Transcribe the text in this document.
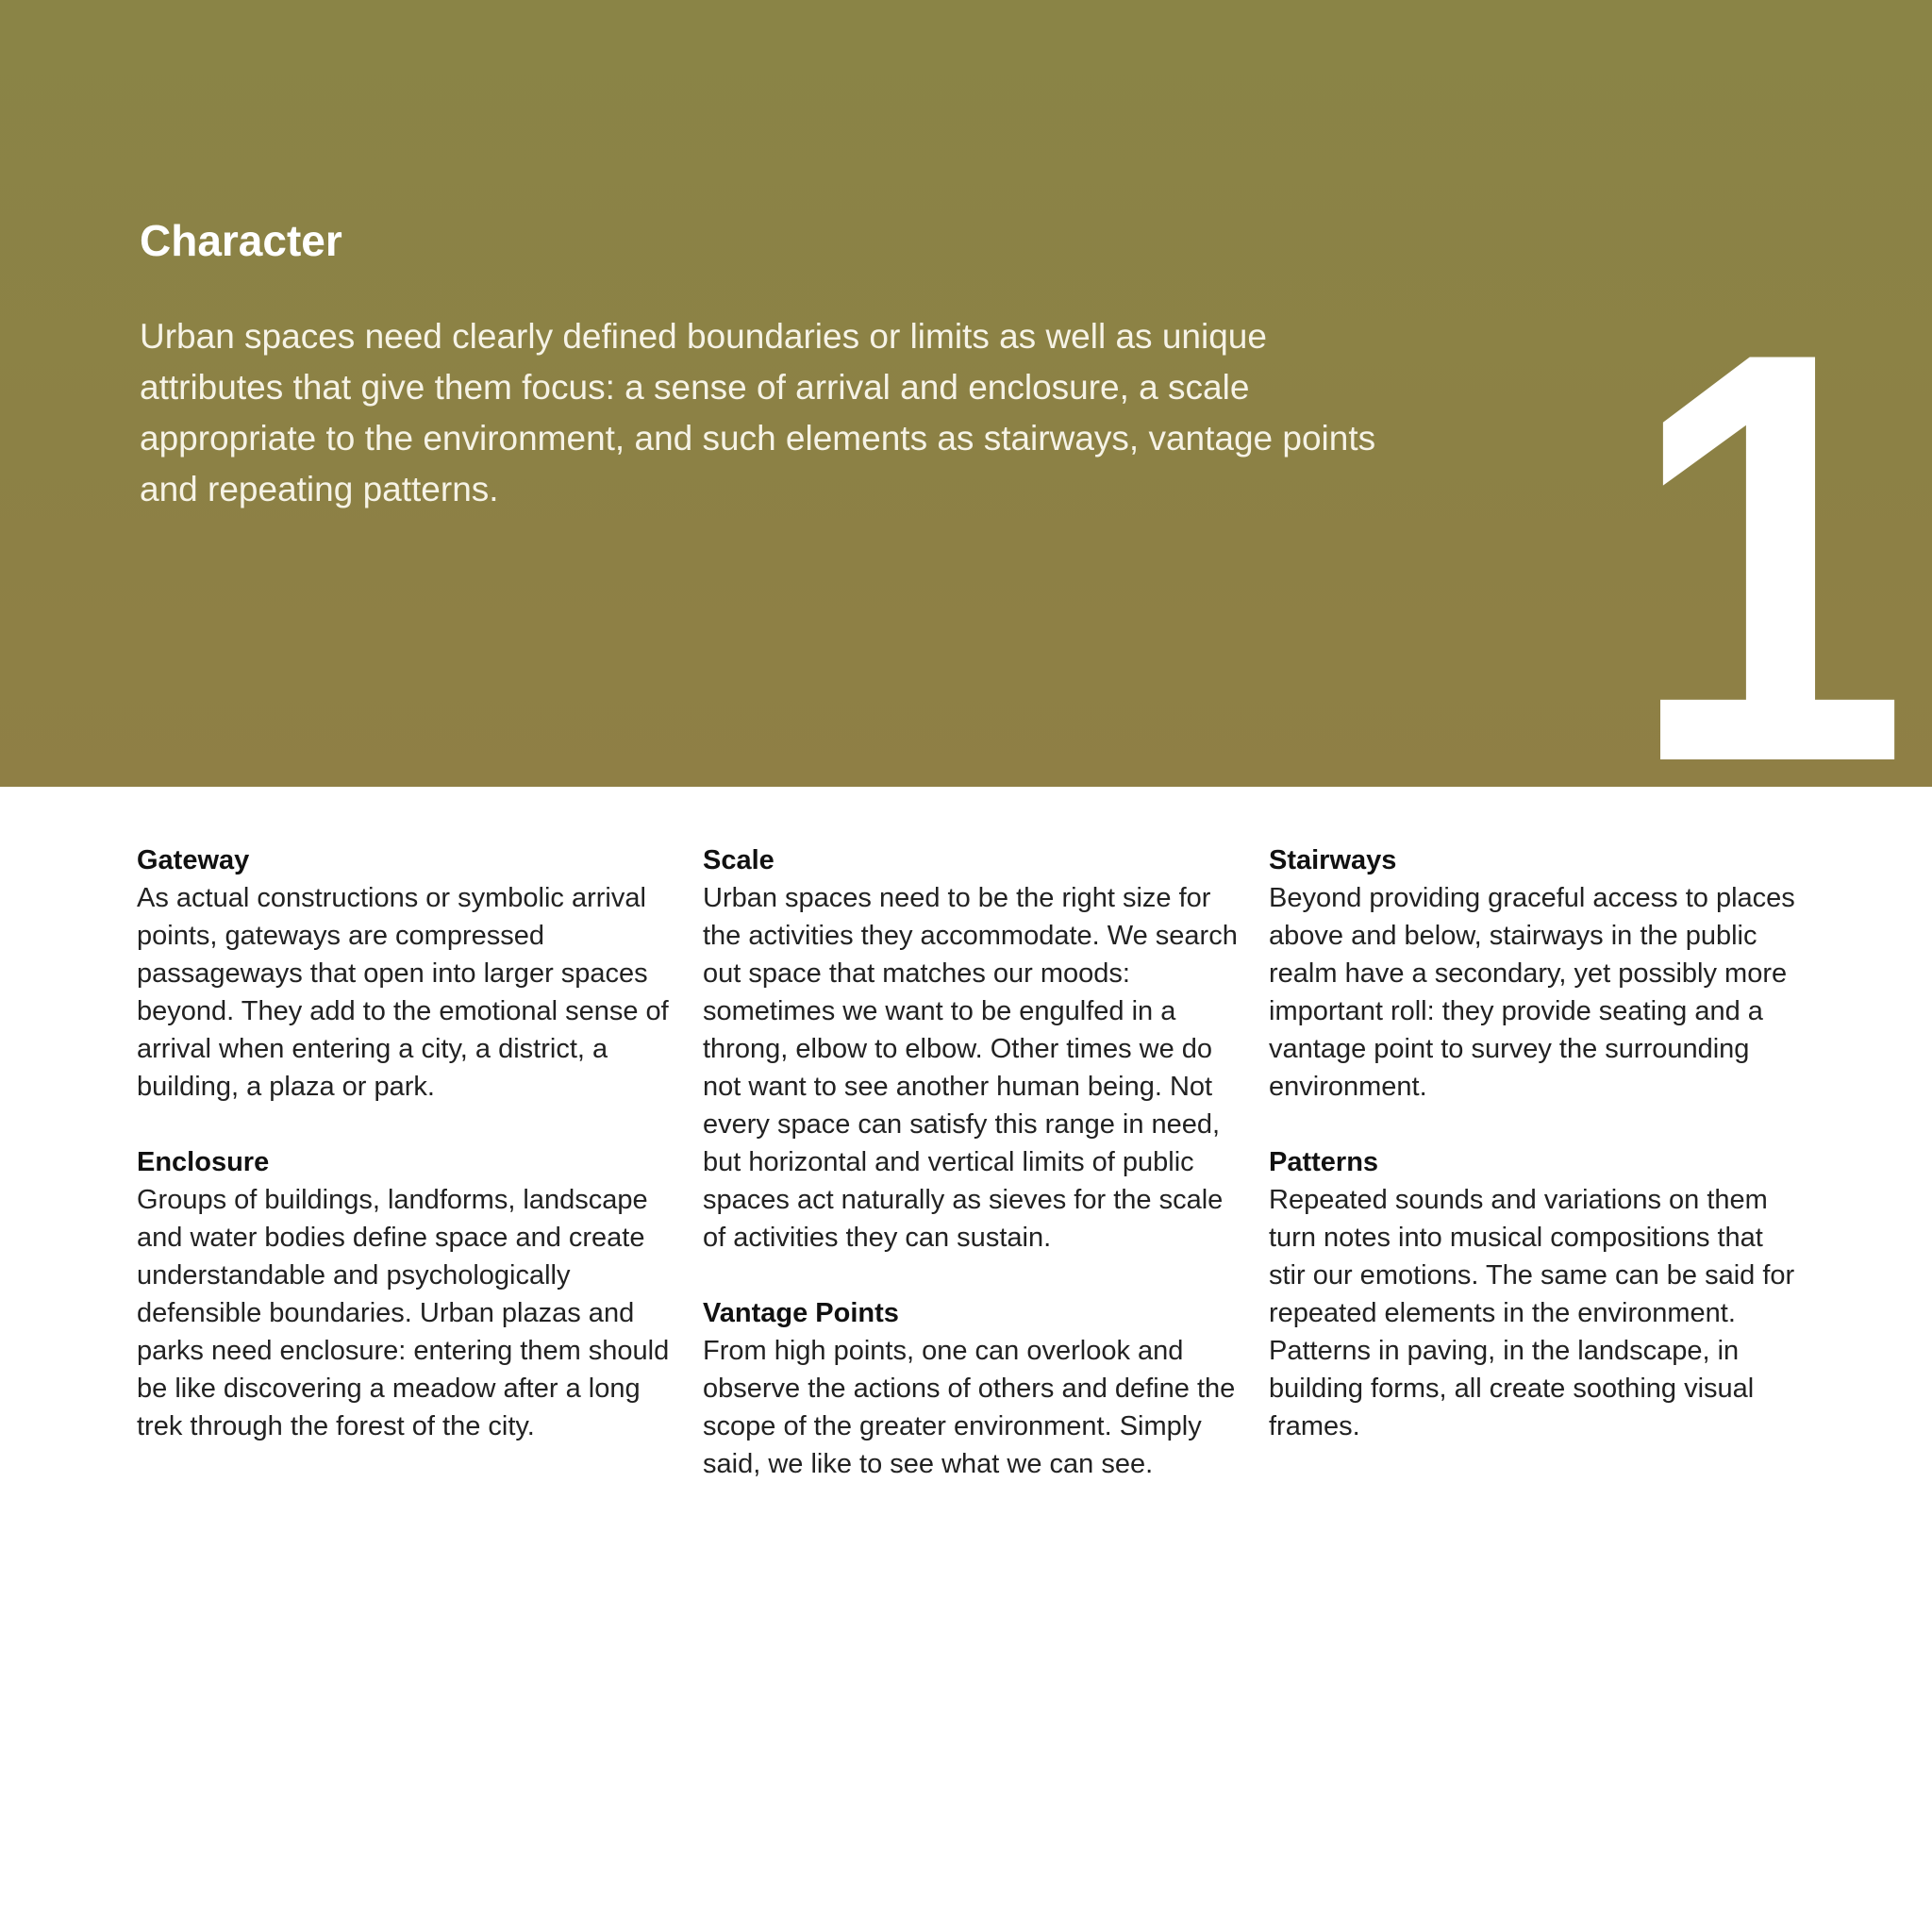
Character

Urban spaces need clearly defined boundaries or limits as well as unique attributes that give them focus: a sense of arrival and enclosure, a scale appropriate to the environment, and such elements as stairways, vantage points and repeating patterns.	1
Gateway

As actual constructions or symbolic arrival points, gateways are compressed passageways that open into larger spaces beyond. They add to the emotional sense of arrival when entering a city, a district, a building, a plaza or park.

Enclosure

Groups of buildings, landforms, landscape and water bodies define space and create understandable and psychologically defensible boundaries. Urban plazas and parks need enclosure: entering them should be like discovering a meadow after a long trek through the forest of the city.

Scale

Urban spaces need to be the right size for the activities they accommodate. We search out space that matches our moods: sometimes we want to be engulfed in a throng, elbow to elbow. Other times we do not want to see another human being. Not every space can satisfy this range in need, but horizontal and vertical limits of public spaces act naturally as sieves for the scale of activities they can sustain.

Vantage Points

From high points, one can overlook and observe the actions of others and define the scope of the greater environment. Simply said, we like to see what we can see.

Stairways

Beyond providing graceful access to places above and below, stairways in the public realm have a secondary, yet possibly more important roll: they provide seating and a vantage point to survey the surrounding environment.

Patterns

Repeated sounds and variations on them turn notes into musical compositions that stir our emotions. The same can be said for repeated elements in the environment. Patterns in paving, in the landscape, in building forms, all create soothing visual frames.
